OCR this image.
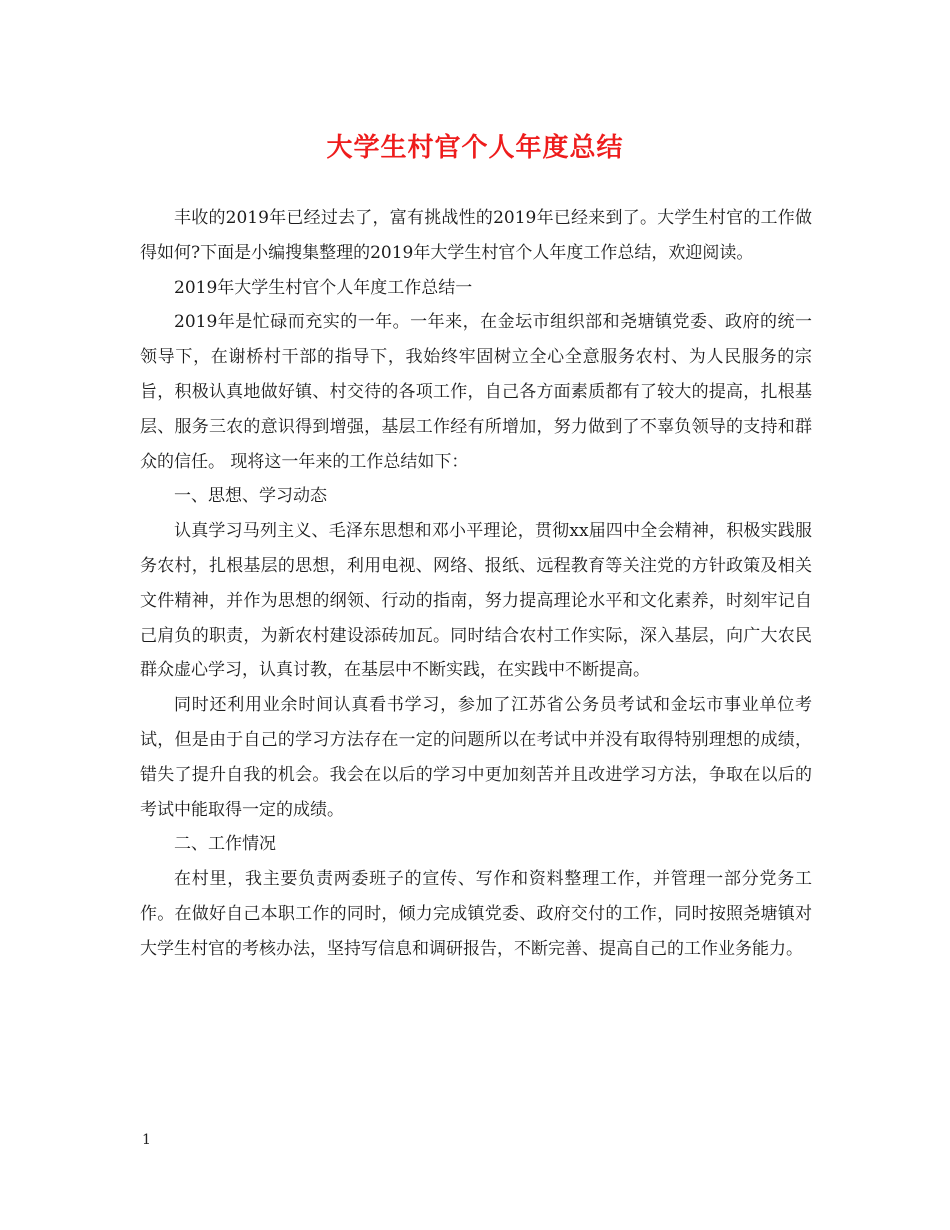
大学生村官个人年度总结

丰收的2019年已经过去了，富有挑战性的2019年已经来到了。大学生村官的工作做得如何?下面是小编搜集整理的2019年大学生村官个人年度工作总结，欢迎阅读。

2019年大学生村官个人年度工作总结一

2019年是忙碌而充实的一年。一年来，在金坛市组织部和尧塘镇党委、政府的统一领导下，在谢桥村干部的指导下，我始终牢固树立全心全意服务农村、为人民服务的宗旨，积极认真地做好镇、村交待的各项工作，自己各方面素质都有了较大的提高，扎根基层、服务三农的意识得到增强，基层工作经有所增加，努力做到了不辜负领导的支持和群众的信任。 现将这一年来的工作总结如下：

一、思想、学习动态

认真学习马列主义、毛泽东思想和邓小平理论，贯彻xx届四中全会精神，积极实践服务农村，扎根基层的思想，利用电视、网络、报纸、远程教育等关注党的方针政策及相关文件精神，并作为思想的纲领、行动的指南，努力提高理论水平和文化素养，时刻牢记自己肩负的职责，为新农村建设添砖加瓦。同时结合农村工作实际，深入基层，向广大农民群众虚心学习，认真讨教，在基层中不断实践，在实践中不断提高。

同时还利用业余时间认真看书学习，参加了江苏省公务员考试和金坛市事业单位考试，但是由于自己的学习方法存在一定的问题所以在考试中并没有取得特别理想的成绩，错失了提升自我的机会。我会在以后的学习中更加刻苦并且改进学习方法，争取在以后的考试中能取得一定的成绩。

二、工作情况

在村里，我主要负责两委班子的宣传、写作和资料整理工作，并管理一部分党务工作。在做好自己本职工作的同时，倾力完成镇党委、政府交付的工作，同时按照尧塘镇对大学生村官的考核办法，坚持写信息和调研报告，不断完善、提高自己的工作业务能力。

1
